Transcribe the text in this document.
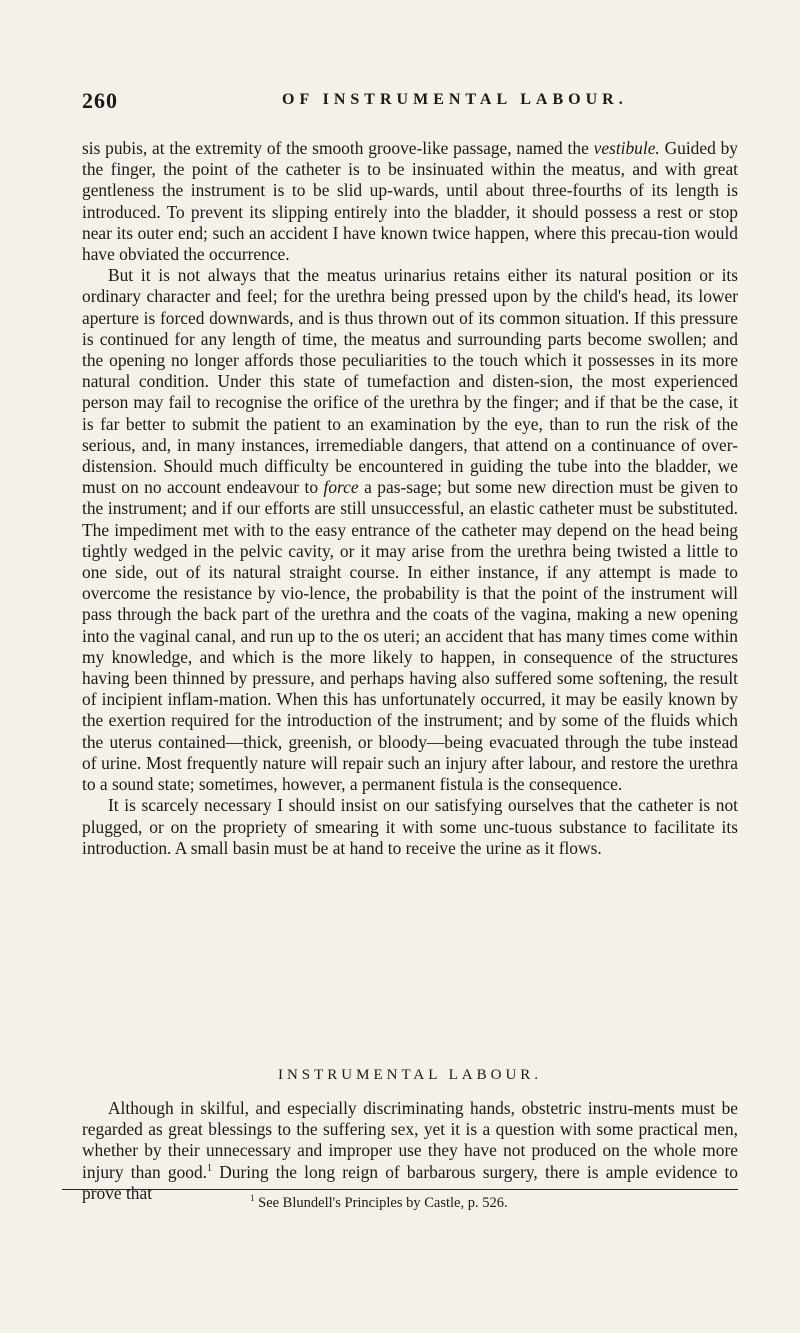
260	OF INSTRUMENTAL LABOUR.

sis pubis, at the extremity of the smooth groove-like passage, named the vestibule. Guided by the finger, the point of the catheter is to be insinuated within the meatus, and with great gentleness the instrument is to be slid up-wards, until about three-fourths of its length is introduced. To prevent its slipping entirely into the bladder, it should possess a rest or stop near its outer end; such an accident I have known twice happen, where this precau-tion would have obviated the occurrence.

But it is not always that the meatus urinarius retains either its natural position or its ordinary character and feel; for the urethra being pressed upon by the child's head, its lower aperture is forced downwards, and is thus thrown out of its common situation. If this pressure is continued for any length of time, the meatus and surrounding parts become swollen; and the opening no longer affords those peculiarities to the touch which it possesses in its more natural condition. Under this state of tumefaction and disten-sion, the most experienced person may fail to recognise the orifice of the urethra by the finger; and if that be the case, it is far better to submit the patient to an examination by the eye, than to run the risk of the serious, and, in many instances, irremediable dangers, that attend on a continuance of over-distension. Should much difficulty be encountered in guiding the tube into the bladder, we must on no account endeavour to force a pas-sage; but some new direction must be given to the instrument; and if our efforts are still unsuccessful, an elastic catheter must be substituted. The impediment met with to the easy entrance of the catheter may depend on the head being tightly wedged in the pelvic cavity, or it may arise from the urethra being twisted a little to one side, out of its natural straight course. In either instance, if any attempt is made to overcome the resistance by vio-lence, the probability is that the point of the instrument will pass through the back part of the urethra and the coats of the vagina, making a new opening into the vaginal canal, and run up to the os uteri; an accident that has many times come within my knowledge, and which is the more likely to happen, in consequence of the structures having been thinned by pressure, and perhaps having also suffered some softening, the result of incipient inflam-mation. When this has unfortunately occurred, it may be easily known by the exertion required for the introduction of the instrument; and by some of the fluids which the uterus contained—thick, greenish, or bloody—being evacuated through the tube instead of urine. Most frequently nature will repair such an injury after labour, and restore the urethra to a sound state; sometimes, however, a permanent fistula is the consequence.

It is scarcely necessary I should insist on our satisfying ourselves that the catheter is not plugged, or on the propriety of smearing it with some unc-tuous substance to facilitate its introduction. A small basin must be at hand to receive the urine as it flows.

INSTRUMENTAL LABOUR.

Although in skilful, and especially discriminating hands, obstetric instru-ments must be regarded as great blessings to the suffering sex, yet it is a question with some practical men, whether by their unnecessary and improper use they have not produced on the whole more injury than good.$^1$ During the long reign of barbarous surgery, there is ample evidence to prove that	$^1$ See Blundell's Principles by Castle, p. 526.
